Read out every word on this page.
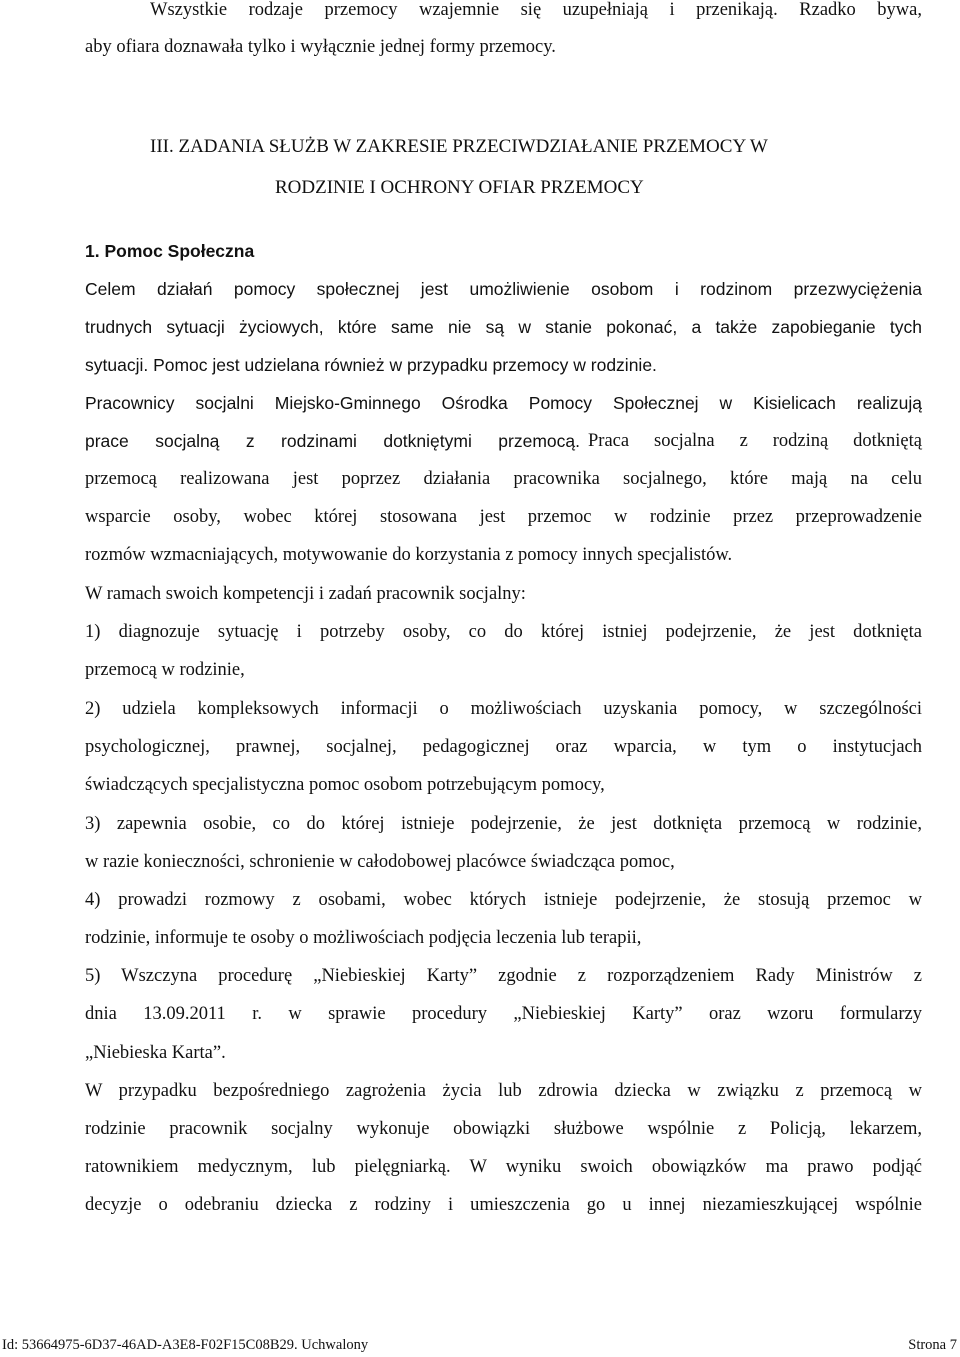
Wszystkie rodzaje przemocy wzajemnie się uzupełniają i przenikają. Rzadko bywa,

aby ofiara doznawała tylko i wyłącznie jednej formy przemocy.

III. ZADANIA SŁUŻB W ZAKRESIE PRZECIWDZIAŁANIE PRZEMOCY W

RODZINIE I OCHRONY OFIAR PRZEMOCY

1. Pomoc Społeczna

Celem działań pomocy społecznej jest umożliwienie osobom i rodzinom przezwyciężenia

trudnych sytuacji życiowych, które same nie są w stanie pokonać, a także zapobieganie tych

sytuacji. Pomoc jest udzielana również w przypadku przemocy w rodzinie.

Pracownicy socjalni Miejsko-Gminnego Ośrodka Pomocy Społecznej w Kisielicach realizują

prace socjalną z rodzinami dotkniętymi przemocą. Praca socjalna z rodziną dotkniętą

przemocą realizowana jest poprzez działania pracownika socjalnego, które mają na celu

wsparcie osoby, wobec której stosowana jest przemoc w rodzinie przez przeprowadzenie

rozmów wzmacniających, motywowanie do korzystania z pomocy innych specjalistów.

W ramach swoich kompetencji i zadań pracownik socjalny:

1) diagnozuje sytuację i potrzeby osoby, co do której istniej podejrzenie, że jest dotknięta

przemocą w rodzinie,

2) udziela kompleksowych informacji o możliwościach uzyskania pomocy, w szczególności

psychologicznej, prawnej, socjalnej, pedagogicznej oraz wparcia, w tym o instytucjach

świadczących specjalistyczna pomoc osobom potrzebującym pomocy,

3) zapewnia osobie, co do której istnieje podejrzenie, że jest dotknięta przemocą w rodzinie,

w razie konieczności, schronienie w całodobowej placówce świadcząca pomoc,

4) prowadzi rozmowy z osobami, wobec których istnieje podejrzenie, że stosują przemoc w

rodzinie, informuje te osoby o możliwościach podjęcia leczenia lub terapii,

5) Wszczyna procedurę „Niebieskiej Karty” zgodnie z rozporządzeniem Rady Ministrów z

dnia 13.09.2011 r. w sprawie procedury „Niebieskiej Karty” oraz wzoru formularzy

„Niebieska Karta”.

W przypadku bezpośredniego zagrożenia życia lub zdrowia dziecka w związku z przemocą w

rodzinie pracownik socjalny wykonuje obowiązki służbowe wspólnie z Policją, lekarzem,

ratownikiem medycznym, lub pielęgniarką. W wyniku swoich obowiązków ma prawo podjąć

decyzje o odebraniu dziecka z rodziny i umieszczenia go u innej niezamieszkującej wspólnie

Id: 53664975-6D37-46AD-A3E8-F02F15C08B29. Uchwalony	Strona 7
